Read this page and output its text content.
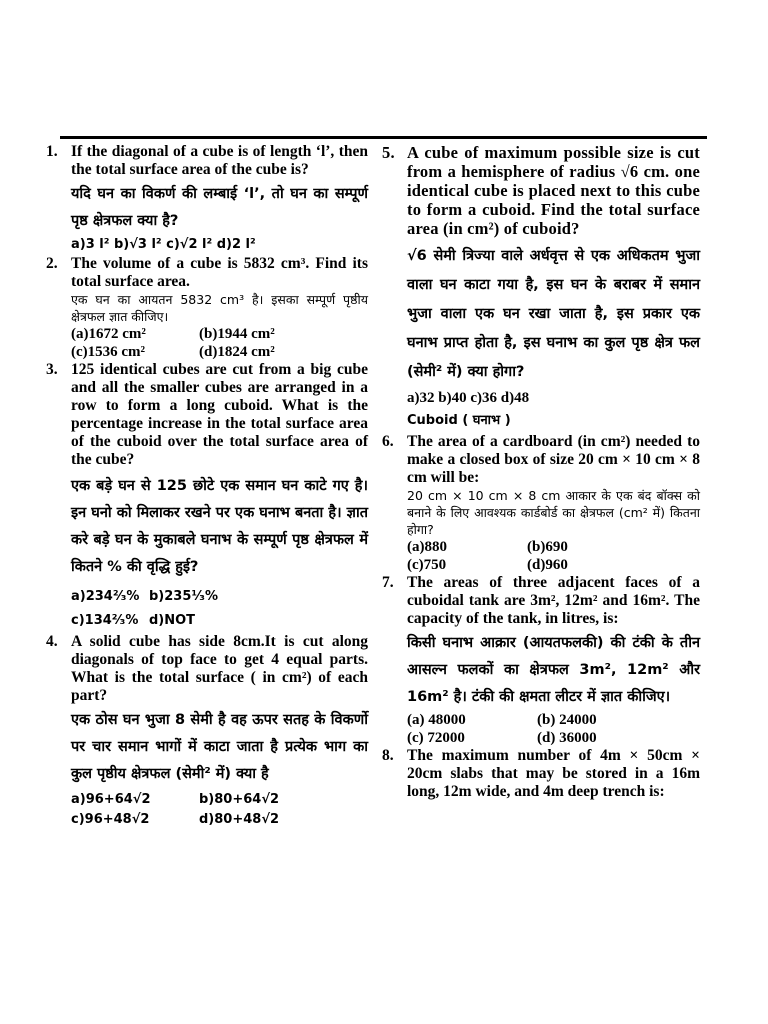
1. If the diagonal of a cube is of length ‘l’, then the total surface area of the cube is?
यदि घन का विकर्ण की लम्बाई ‘l’, तो घन का सम्पूर्ण पृष्ठ क्षेत्रफल क्या है?
a)3 l² b)√3 l² c)√2 l² d)2 l²
2. The volume of a cube is 5832 cm³. Find its total surface area.
एक घन का आयतन 5832 cm³ है। इसका सम्पूर्ण पृष्ठीय क्षेत्रफल ज्ञात कीजिए।
(a)1672 cm²	(b)1944 cm²
(c)1536 cm²	(d)1824 cm²
3. 125 identical cubes are cut from a big cube and all the smaller cubes are arranged in a row to form a long cuboid. What is the percentage increase in the total surface area of the cuboid over the total surface area of the cube?
एक बड़े घन से 125 छोटे एक समान घन काटे गए है। इन घनो को मिलाकर रखने पर एक घनाभ बनता है। ज्ञात करे बड़े घन के मुकाबले घनाभ के सम्पूर्ण पृष्ठ क्षेत्रफल में कितने % की वृद्धि हुई?
a)234²⁄₃% b)235¹⁄₃%
c)134²⁄₃% d)NOT
4. A solid cube has side 8cm.It is cut along diagonals of top face to get 4 equal parts. What is the total surface ( in cm²) of each part?
एक ठोस घन भुजा 8 सेमी है वह ऊपर सतह के विकर्णो पर चार समान भागों में काटा जाता है प्रत्येक भाग का कुल पृष्ठीय क्षेत्रफल (सेमी² में) क्या है
a)96+64√2	b)80+64√2
c)96+48√2	d)80+48√2
5. A cube of maximum possible size is cut from a hemisphere of radius √6 cm. one identical cube is placed next to this cube to form a cuboid. Find the total surface area (in cm²) of cuboid?
√6 सेमी त्रिज्या वाले अर्धवृत्त से एक अधिकतम भुजा वाला घन काटा गया है, इस घन के बराबर में समान भुजा वाला एक घन रखा जाता है, इस प्रकार एक घनाभ प्राप्त होता है, इस घनाभ का कुल पृष्ठ क्षेत्र फल (सेमी² में) क्या होगा?
a)32 b)40 c)36 d)48
Cuboid ( घनाभ )
6. The area of a cardboard (in cm²) needed to make a closed box of size 20 cm × 10 cm × 8 cm will be:
20 cm × 10 cm × 8 cm आकार के एक बंद बॉक्स को बनाने के लिए आवश्यक कार्डबोर्ड का क्षेत्रफल (cm² में) कितना होगा?
(a)880	(b)690
(c)750	(d)960
7. The areas of three adjacent faces of a cuboidal tank are 3m², 12m² and 16m². The capacity of the tank, in litres, is:
किसी घनाभ आक्रार (आयतफलकी) की टंकी के तीन आसल्न फलकों का क्षेत्रफल 3m², 12m² और 16m² है। टंकी की क्षमता लीटर में ज्ञात कीजिए।
(a) 48000	(b) 24000
(c) 72000	(d) 36000
8. The maximum number of 4m × 50cm × 20cm slabs that may be stored in a 16m long, 12m wide, and 4m deep trench is:
